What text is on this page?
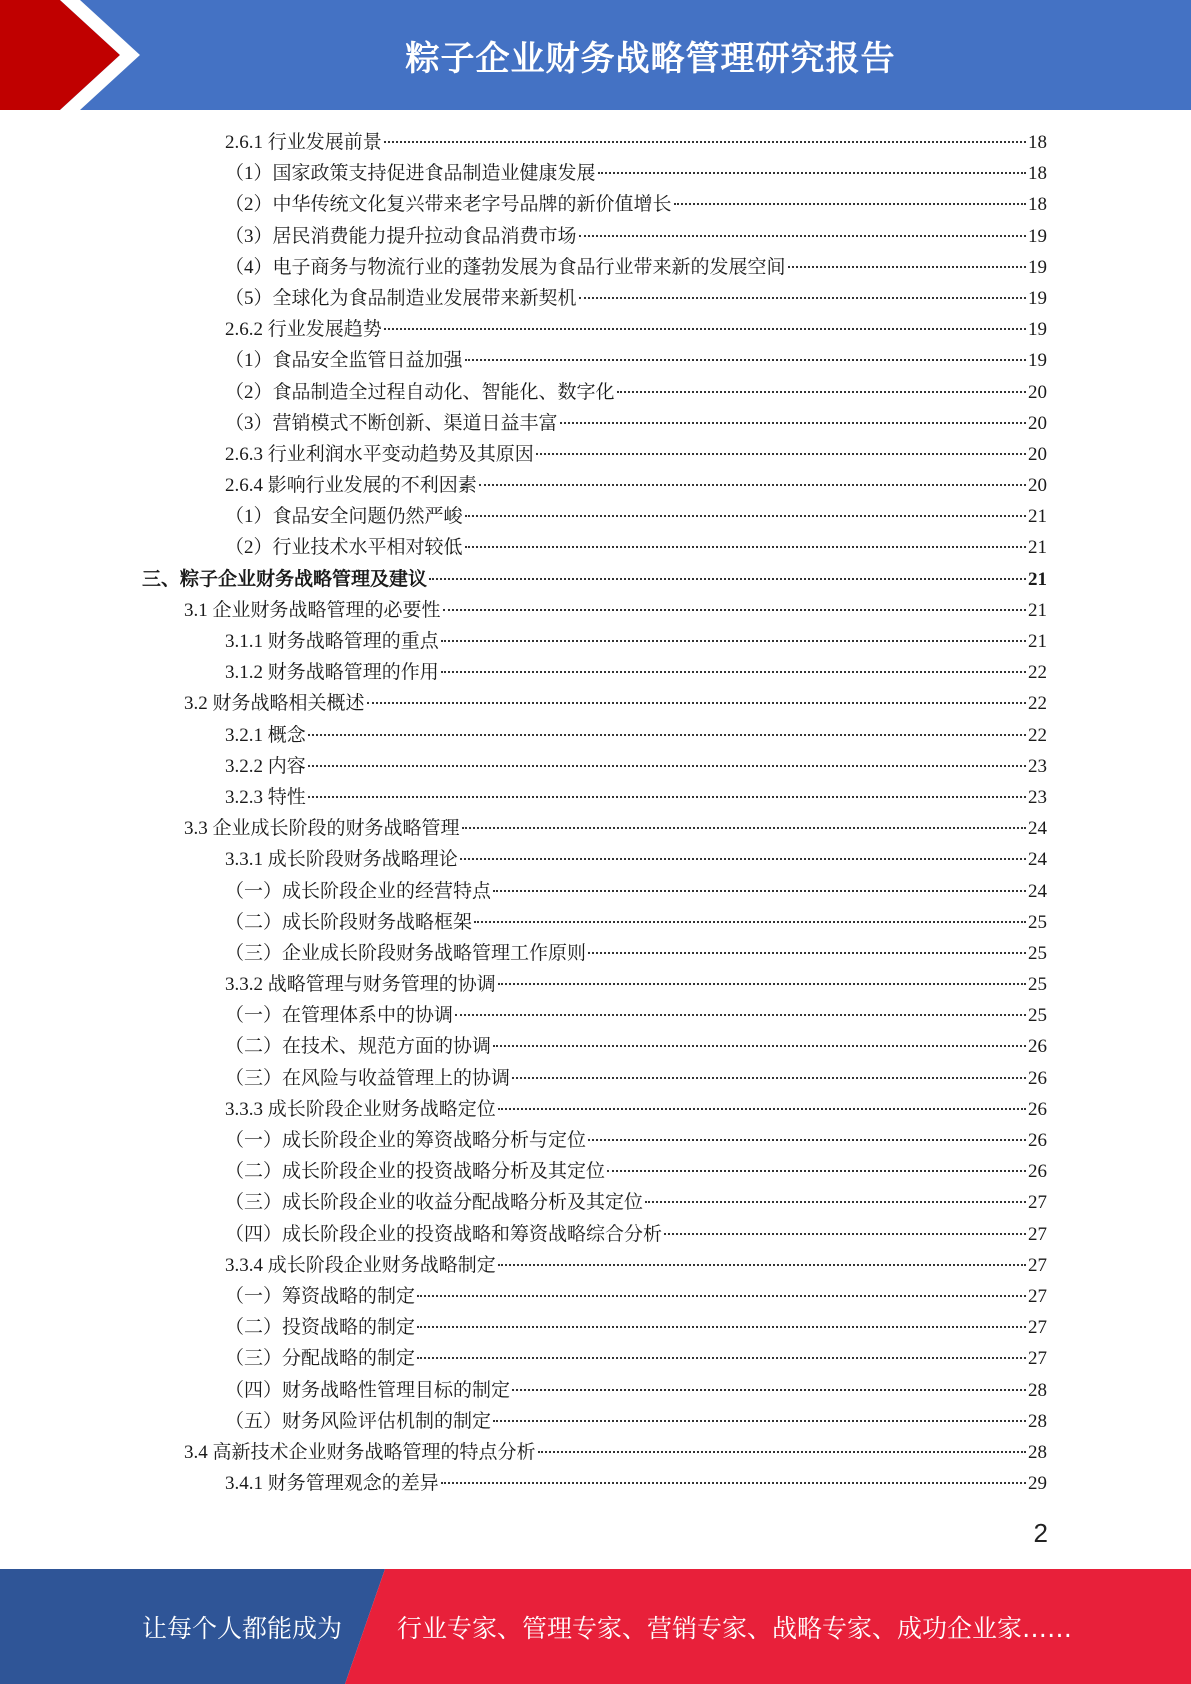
粽子企业财务战略管理研究报告
2.6.1 行业发展前景	18
（1）国家政策支持促进食品制造业健康发展	18
（2）中华传统文化复兴带来老字号品牌的新价值增长	18
（3）居民消费能力提升拉动食品消费市场	19
（4）电子商务与物流行业的蓬勃发展为食品行业带来新的发展空间	19
（5）全球化为食品制造业发展带来新契机	19
2.6.2 行业发展趋势	19
（1）食品安全监管日益加强	19
（2）食品制造全过程自动化、智能化、数字化	20
（3）营销模式不断创新、渠道日益丰富	20
2.6.3 行业利润水平变动趋势及其原因	20
2.6.4 影响行业发展的不利因素	20
（1）食品安全问题仍然严峻	21
（2）行业技术水平相对较低	21
三、粽子企业财务战略管理及建议	21
3.1 企业财务战略管理的必要性	21
3.1.1 财务战略管理的重点	21
3.1.2 财务战略管理的作用	22
3.2 财务战略相关概述	22
3.2.1 概念	22
3.2.2 内容	23
3.2.3 特性	23
3.3 企业成长阶段的财务战略管理	24
3.3.1 成长阶段财务战略理论	24
（一）成长阶段企业的经营特点	24
（二）成长阶段财务战略框架	25
（三）企业成长阶段财务战略管理工作原则	25
3.3.2 战略管理与财务管理的协调	25
（一）在管理体系中的协调	25
（二）在技术、规范方面的协调	26
（三）在风险与收益管理上的协调	26
3.3.3 成长阶段企业财务战略定位	26
（一）成长阶段企业的筹资战略分析与定位	26
（二）成长阶段企业的投资战略分析及其定位	26
（三）成长阶段企业的收益分配战略分析及其定位	27
（四）成长阶段企业的投资战略和筹资战略综合分析	27
3.3.4 成长阶段企业财务战略制定	27
（一）筹资战略的制定	27
（二）投资战略的制定	27
（三）分配战略的制定	27
（四）财务战略性管理目标的制定	28
（五）财务风险评估机制的制定	28
3.4 高新技术企业财务战略管理的特点分析	28
3.4.1 财务管理观念的差异	29
2
让每个人都能成为 行业专家、管理专家、营销专家、战略专家、成功企业家……
